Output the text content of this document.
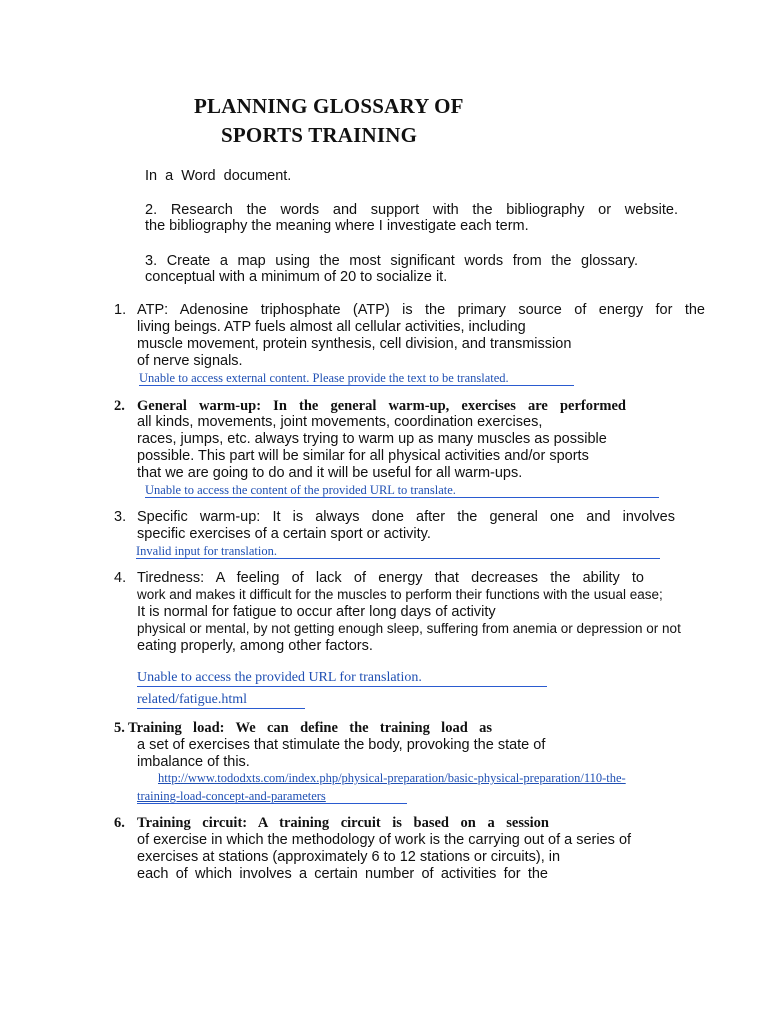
PLANNING GLOSSARY OF
SPORTS TRAINING
In a Word document.
2. Research the words and support with the bibliography or website.
the bibliography the meaning where I investigate each term.
3. Create a map using the most significant words from the glossary.
conceptual with a minimum of 20 to socialize it.
1. ATP: Adenosine triphosphate (ATP) is the primary source of energy for the
living beings. ATP fuels almost all cellular activities, including
muscle movement, protein synthesis, cell division, and transmission
of nerve signals.
Unable to access external content. Please provide the text to be translated.
2. General warm-up: In the general warm-up, exercises are performed
all kinds, movements, joint movements, coordination exercises,
races, jumps, etc. always trying to warm up as many muscles as possible
possible. This part will be similar for all physical activities and/or sports
that we are going to do and it will be useful for all warm-ups.
Unable to access the content of the provided URL to translate.
3. Specific warm-up: It is always done after the general one and involves
specific exercises of a certain sport or activity.
Invalid input for translation.
4. Tiredness: A feeling of lack of energy that decreases the ability to
work and makes it difficult for the muscles to perform their functions with the usual ease;
It is normal for fatigue to occur after long days of activity
physical or mental, by not getting enough sleep, suffering from anemia or depression or not
eating properly, among other factors.
Unable to access the provided URL for translation.
related/fatigue.html
5. Training load: We can define the training load as
a set of exercises that stimulate the body, provoking the state of
imbalance of this.
http://www.tododxts.com/index.php/physical-preparation/basic-physical-preparation/110-the-
training-load-concept-and-parameters
6. Training circuit: A training circuit is based on a session
of exercise in which the methodology of work is the carrying out of a series of
exercises at stations (approximately 6 to 12 stations or circuits), in
each of which involves a certain number of activities for the
